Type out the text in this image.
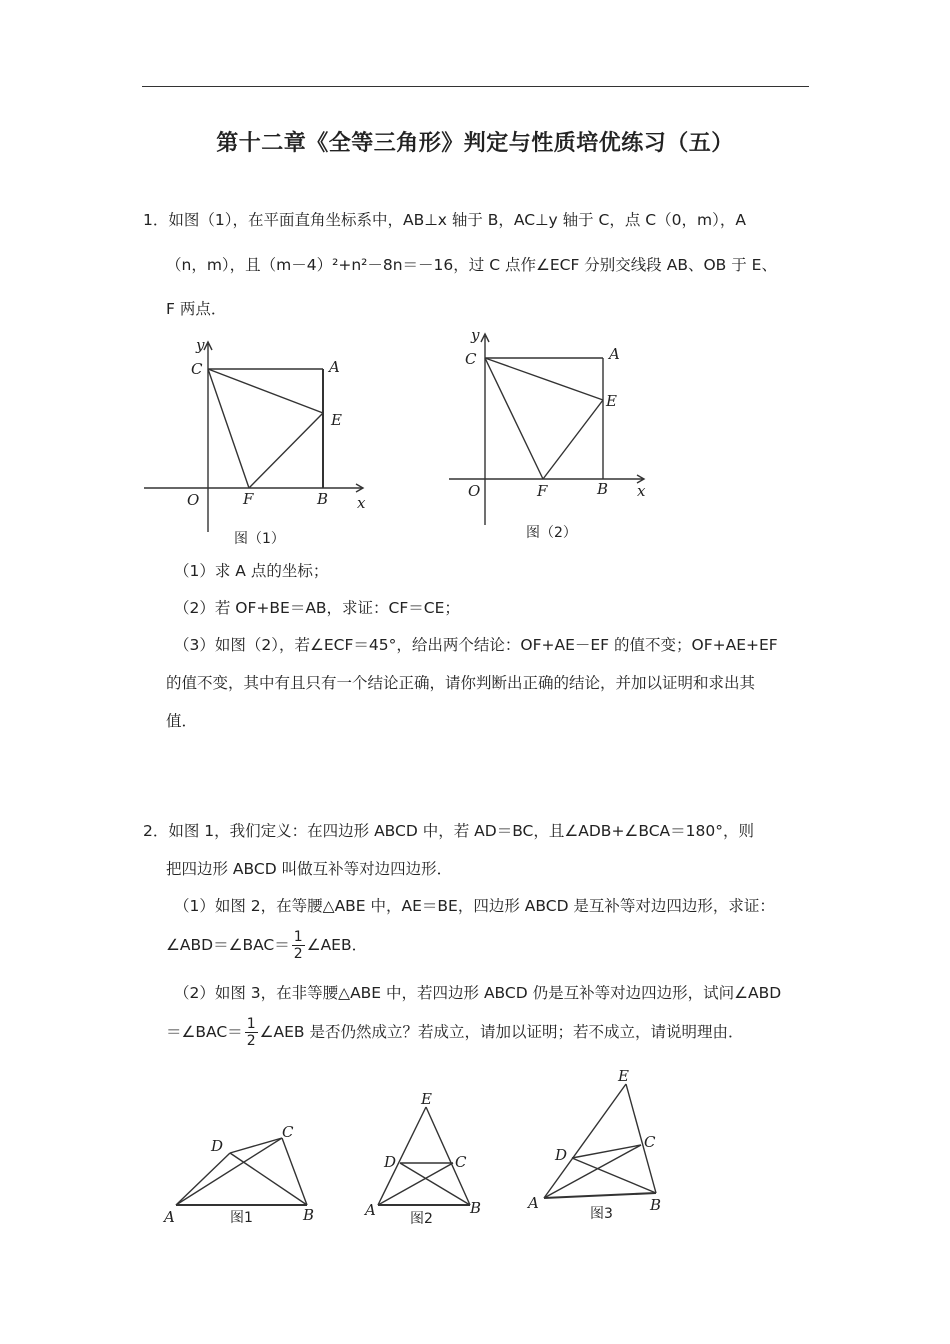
第十二章《全等三角形》判定与性质培优练习（五）
1．如图（1），在平面直角坐标系中，AB⊥x 轴于 B，AC⊥y 轴于 C，点 C（0，m），A
（n，m），且（m－4）²+n²－8n＝－16，过 C 点作∠ECF 分别交线段 AB、OB 于 E、
F 两点．
y
C	A
E
O	F	B x
图（1）
y
C	A
E
O	F	B x
图（2）
（1）求 A 点的坐标；
（2）若 OF+BE＝AB，求证：CF＝CE；
（3）如图（2），若∠ECF＝45°，给出两个结论：OF+AE－EF 的值不变；OF+AE+EF
的值不变，其中有且只有一个结论正确，请你判断出正确的结论，并加以证明和求出其
值．
2．如图 1，我们定义：在四边形 ABCD 中，若 AD＝BC，且∠ADB+∠BCA＝180°，则
把四边形 ABCD 叫做互补等对边四边形．
（1）如图 2，在等腰△ABE 中，AE＝BE，四边形 ABCD 是互补等对边四边形，求证：
∠ABD＝∠BAC＝ $\frac{1}{2}$ ∠AEB．
（2）如图 3，在非等腰△ABE 中，若四边形 ABCD 仍是互补等对边四边形，试问∠ABD
＝∠BAC＝ $\frac{1}{2}$ ∠AEB 是否仍然成立？若成立，请加以证明；若不成立，请说明理由．
A	B
C
D
图1
E
D	C
A	B
图2
E
D
C
A	B
图3
